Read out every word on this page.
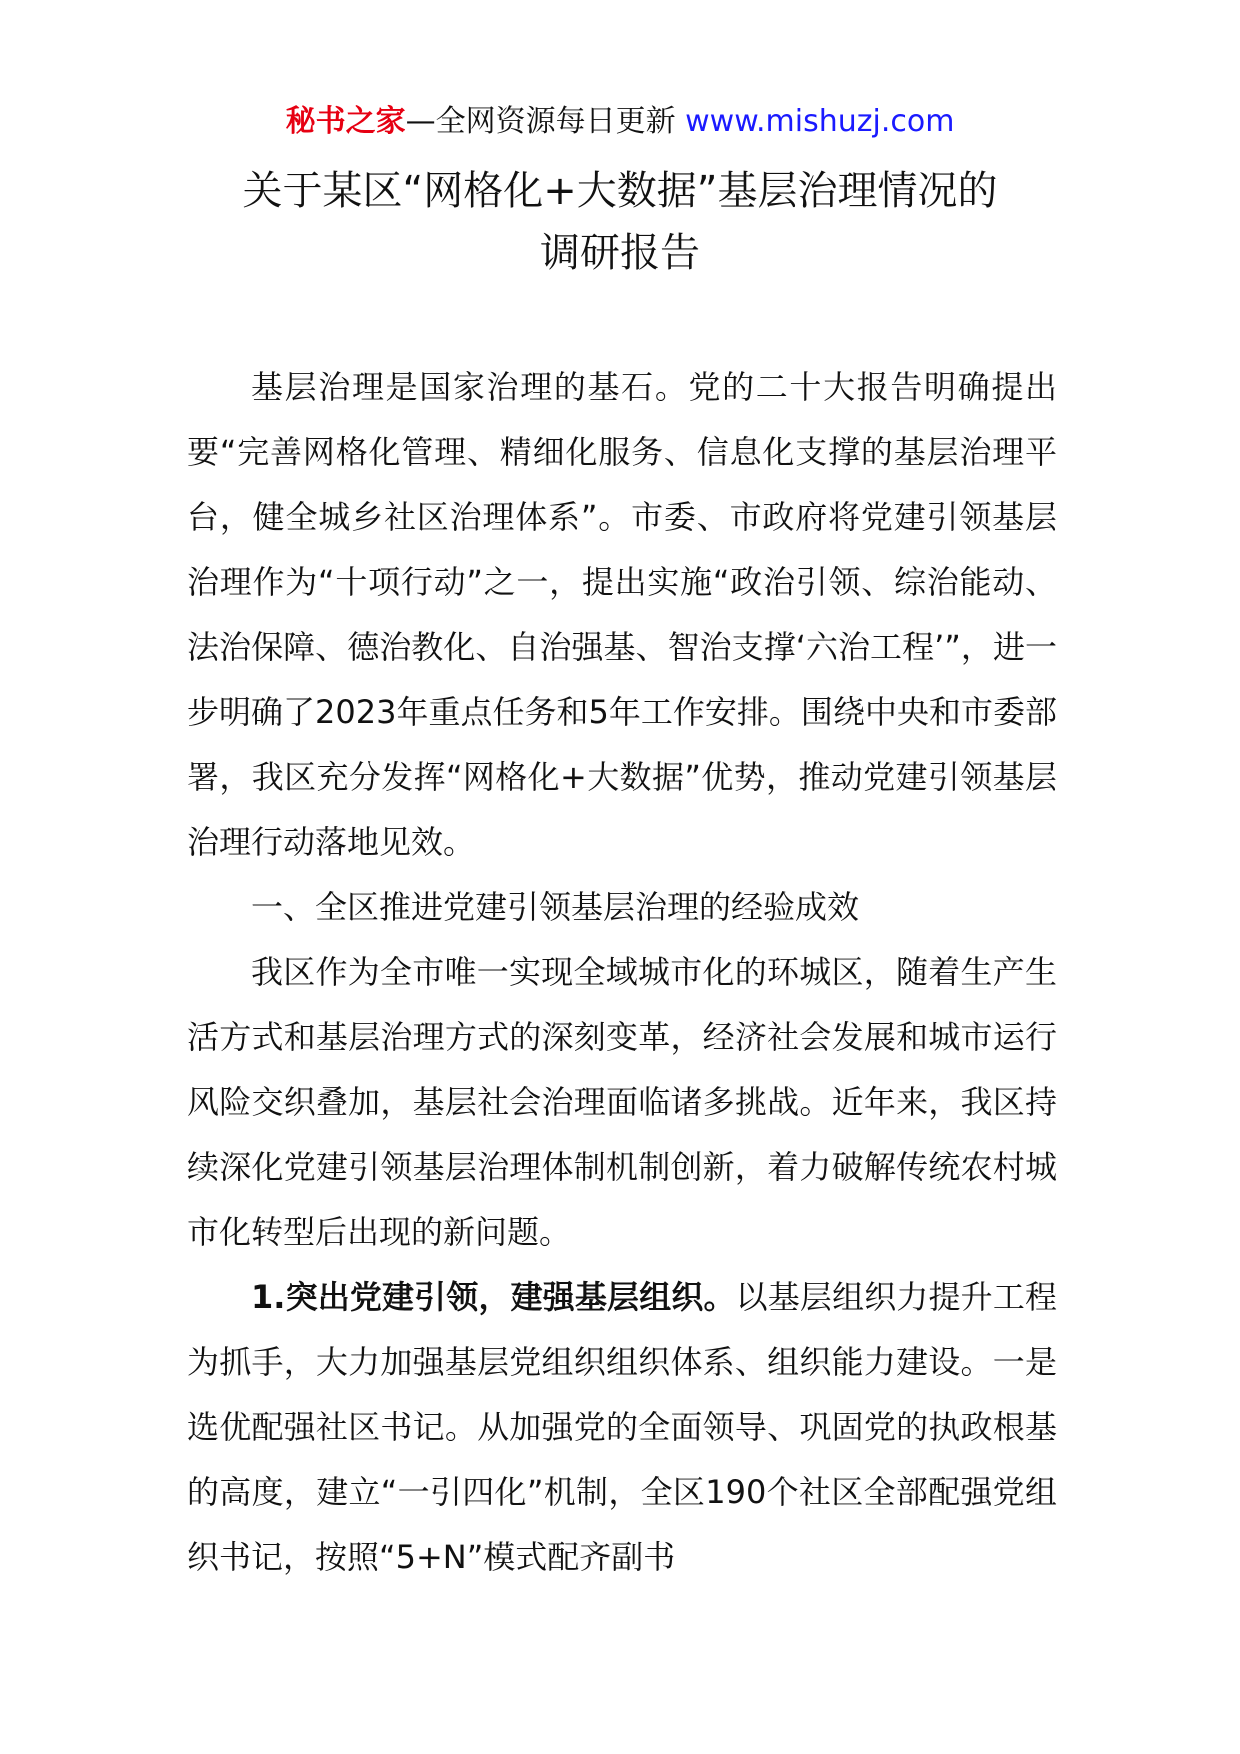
秘书之家—全网资源每日更新 www.mishuzj.com
关于某区“网格化+大数据”基层治理情况的
调研报告

基层治理是国家治理的基石。党的二十大报告明确提出要“完善网格化管理、精细化服务、信息化支撑的基层治理平台，健全城乡社区治理体系”。市委、市政府将党建引领基层治理作为“十项行动”之一，提出实施“政治引领、综治能动、法治保障、德治教化、自治强基、智治支撑‘六治工程’”，进一步明确了2023年重点任务和5年工作安排。围绕中央和市委部署，我区充分发挥“网格化+大数据”优势，推动党建引领基层治理行动落地见效。

一、全区推进党建引领基层治理的经验成效

我区作为全市唯一实现全域城市化的环城区，随着生产生活方式和基层治理方式的深刻变革，经济社会发展和城市运行风险交织叠加，基层社会治理面临诸多挑战。近年来，我区持续深化党建引领基层治理体制机制创新，着力破解传统农村城市化转型后出现的新问题。

1.突出党建引领，建强基层组织。以基层组织力提升工程为抓手，大力加强基层党组织组织体系、组织能力建设。一是选优配强社区书记。从加强党的全面领导、巩固党的执政根基的高度，建立“一引四化”机制，全区190个社区全部配强党组织书记，按照“5+N”模式配齐副书
